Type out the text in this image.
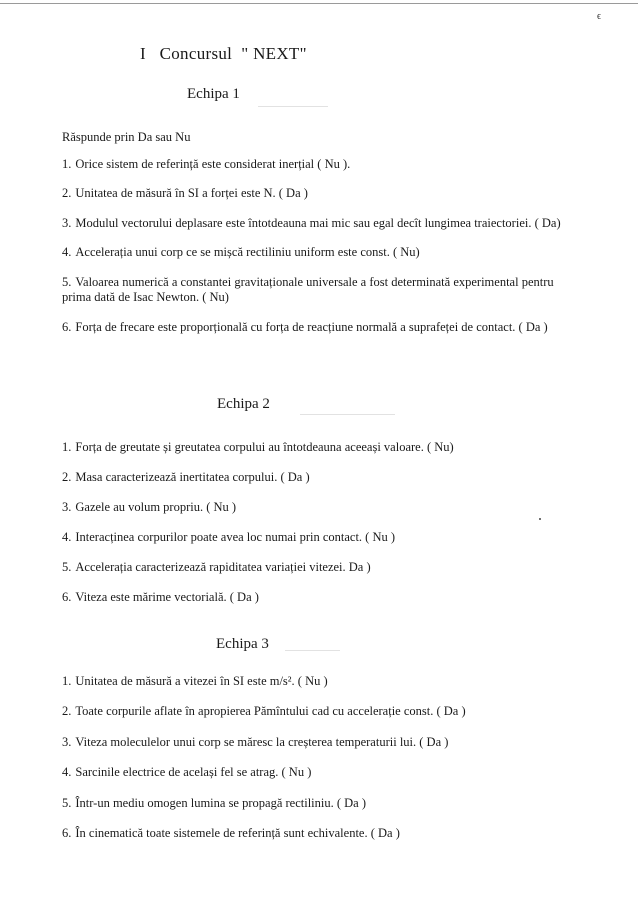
ϵ
I   Concursul  " NEXT"
Echipa 1
Răspunde prin Da sau Nu
1. Orice sistem de referință este considerat inerțial ( Nu ).
2. Unitatea de măsură în SI a forței este N. ( Da )
3. Modulul vectorului deplasare este întotdeauna mai mic sau egal decît lungimea traiectoriei. ( Da)
4. Accelerația unui corp ce se mișcă rectiliniu uniform este const. ( Nu)
5. Valoarea numerică a constantei gravitaționale universale a fost determinată experimental pentru prima dată de Isac Newton. ( Nu)
6. Forța de frecare este proporțională cu forța de reacțiune normală a suprafeței de contact. ( Da )
Echipa 2
1. Forța de greutate și greutatea corpului au întotdeauna aceeași valoare. ( Nu)
2. Masa caracterizează inertitatea corpului. ( Da )
3. Gazele au volum propriu. ( Nu )
4. Interacținea corpurilor poate avea loc numai prin contact. ( Nu )
5. Accelerația caracterizează rapiditatea variației vitezei. Da )
6. Viteza este mărime vectorială. ( Da )
Echipa 3
1. Unitatea de măsură a vitezei în SI este m/s². ( Nu )
2. Toate corpurile aflate în apropierea Pămîntului cad cu accelerație const. ( Da )
3. Viteza moleculelor unui corp se măresc la creșterea temperaturii lui. ( Da )
4. Sarcinile electrice de același fel se atrag. ( Nu )
5. Într-un mediu omogen lumina se propagă rectiliniu. ( Da )
6. În cinematică toate sistemele de referință sunt echivalente. ( Da )
